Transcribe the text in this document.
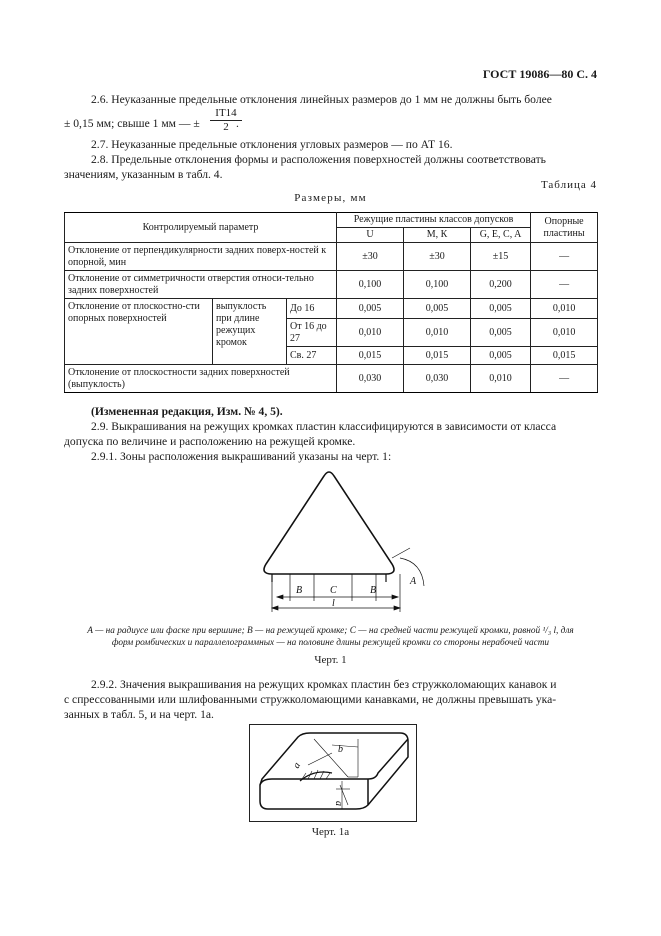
ГОСТ 19086—80 С. 4
2.6. Неуказанные предельные отклонения линейных размеров до 1 мм не должны быть более
± 0,15 мм; свыше 1 мм — ± $\frac{IT14}{2}$
.
2.7. Неуказанные предельные отклонения угловых размеров — по АТ 16.
2.8. Предельные отклонения формы и расположения поверхностей должны соответствовать
значениям, указанным в табл. 4.
Таблица 4
Размеры, мм
Контролируемый параметр			Режущие пластины классов допусков			Опорные пластины
			U	М, К	G, E, C, A	
Отклонение от перпендикулярности задних поверх-ностей к опорной, мин			±30	±30	±15	—
Отклонение от симметричности отверстия относи-тельно задних поверхностей			0,100	0,100	0,200	—
Отклонение от плоскостно-сти опорных поверхностей	выпуклость при длине режущих кромок	До 16	0,005	0,005	0,005	0,010
		От 16 до 27	0,010	0,010	0,005	0,010
		Св. 27	0,015	0,015	0,005	0,015
Отклонение от плоскостности задних поверхностей (выпуклость)			0,030	0,030	0,010	—
(Измененная редакция, Изм. № 4, 5).
2.9. Выкрашивания на режущих кромках пластин классифицируются в зависимости от класса
допуска по величине и расположению на режущей кромке.
2.9.1. Зоны расположения выкрашиваний указаны на черт. 1:
B	C	B
l
A
A — на радиусе или фаске при вершине; B — на режущей кромке; C — на средней части режущей кромки, равной ¹/₃ l, для
форм ромбических и параллелограммных — на половине длины режущей кромки со стороны нерабочей части
Черт. 1
2.9.2. Значения выкрашивания на режущих кромках пластин без стружколомающих канавок и
с спрессованными или шлифованными стружколомающими канавками, не должны превышать ука-
занных в табл. 5, и на черт. 1а.
a
b
a
Черт. 1а
